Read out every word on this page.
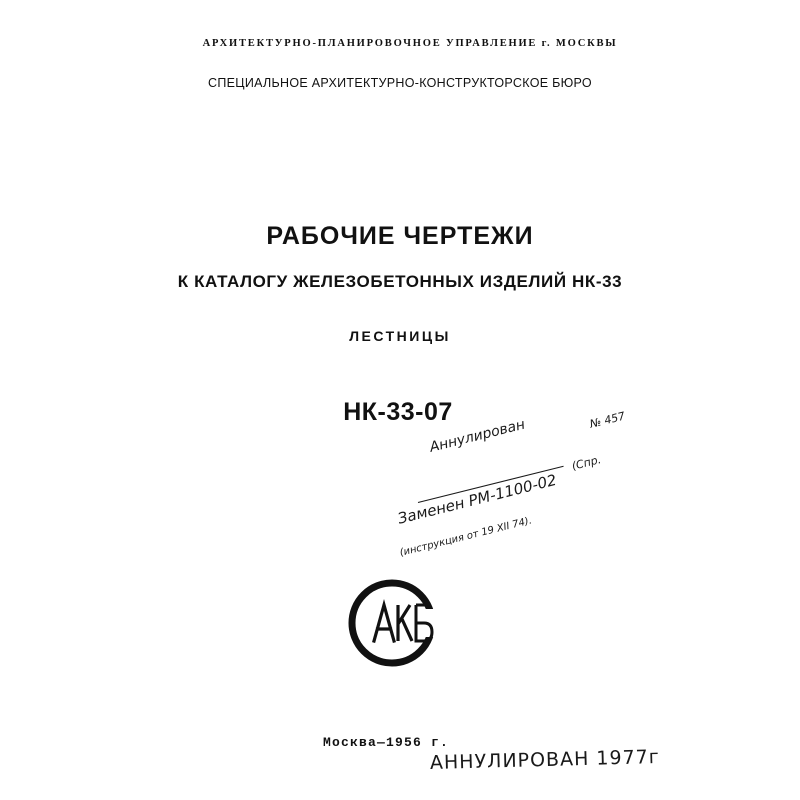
АРХИТЕКТУРНО-ПЛАНИРОВОЧНОЕ УПРАВЛЕНИЕ г. МОСКВЫ
СПЕЦИАЛЬНОЕ АРХИТЕКТУРНО-КОНСТРУКТОРСКОЕ БЮРО
РАБОЧИЕ ЧЕРТЕЖИ
К КАТАЛОГУ ЖЕЛЕЗОБЕТОННЫХ ИЗДЕЛИЙ НК-33
ЛЕСТНИЦЫ
НК-33-07
Аннулирован	№ 457
Заменен РМ-1100-02
(Спр.
(инструкция от 19 XII 74).
Москва—1956 г.
АННУЛИРОВАН 1977г
